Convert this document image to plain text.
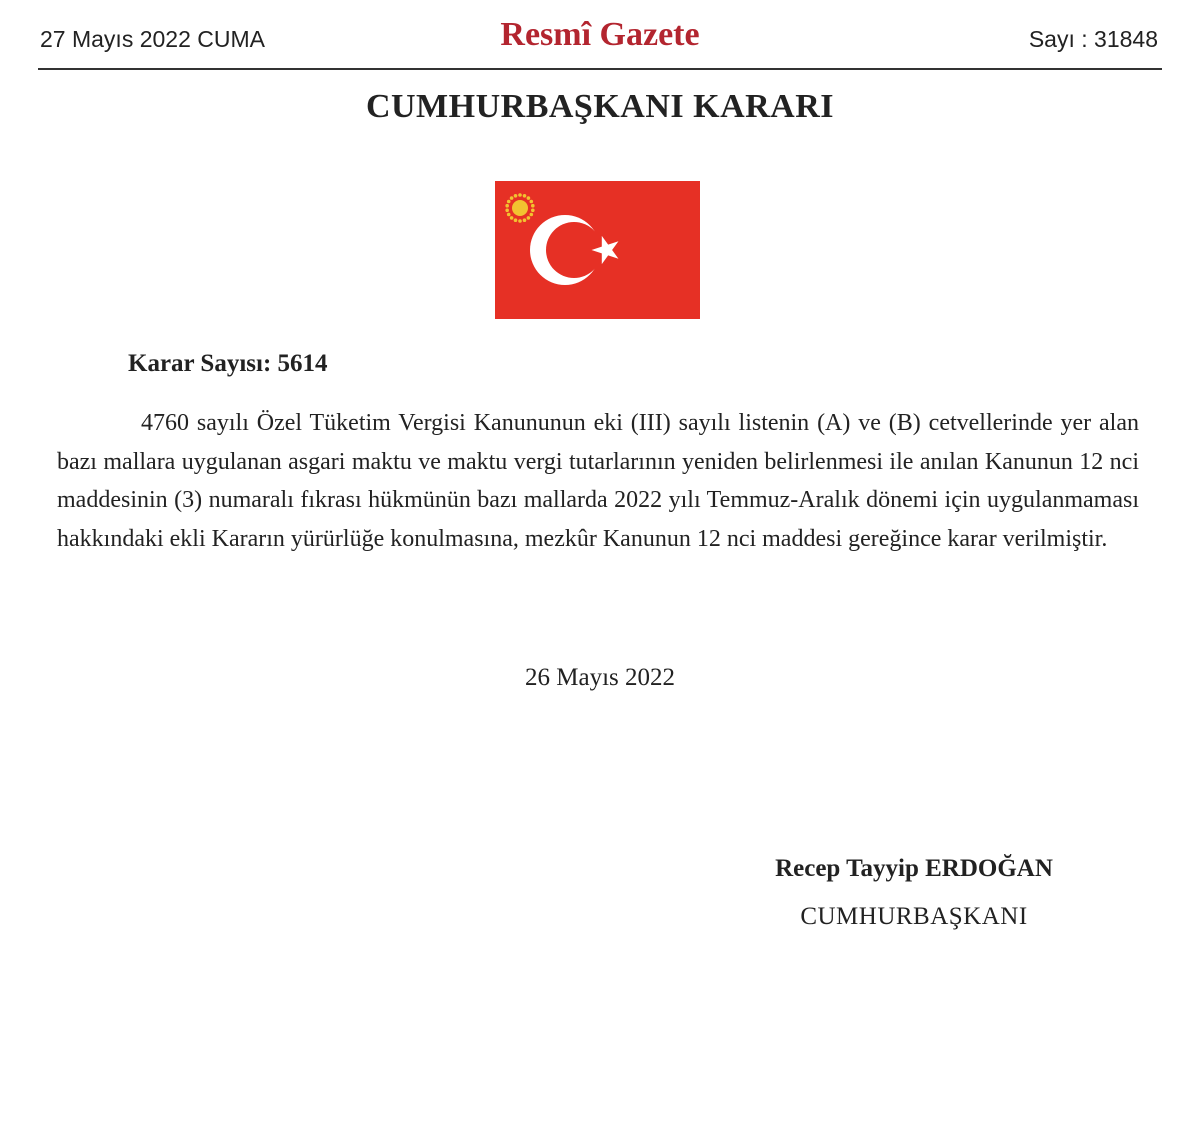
27 Mayıs 2022 CUMA	Resmî Gazete	Sayı : 31848
CUMHURBAŞKANI KARARI
Karar Sayısı: 5614

4760 sayılı Özel Tüketim Vergisi Kanununun eki (III) sayılı listenin (A) ve (B) cetvellerinde yer alan bazı mallara uygulanan asgari maktu ve maktu vergi tutarlarının yeniden belirlenmesi ile anılan Kanunun 12 nci maddesinin (3) numaralı fıkrası hükmünün bazı mallarda 2022 yılı Temmuz-Aralık dönemi için uygulanmaması hakkındaki ekli Kararın yürürlüğe konulmasına, mezkûr Kanunun 12 nci maddesi gereğince karar verilmiştir.

26 Mayıs 2022
Recep Tayyip ERDOĞAN
CUMHURBAŞKANI
